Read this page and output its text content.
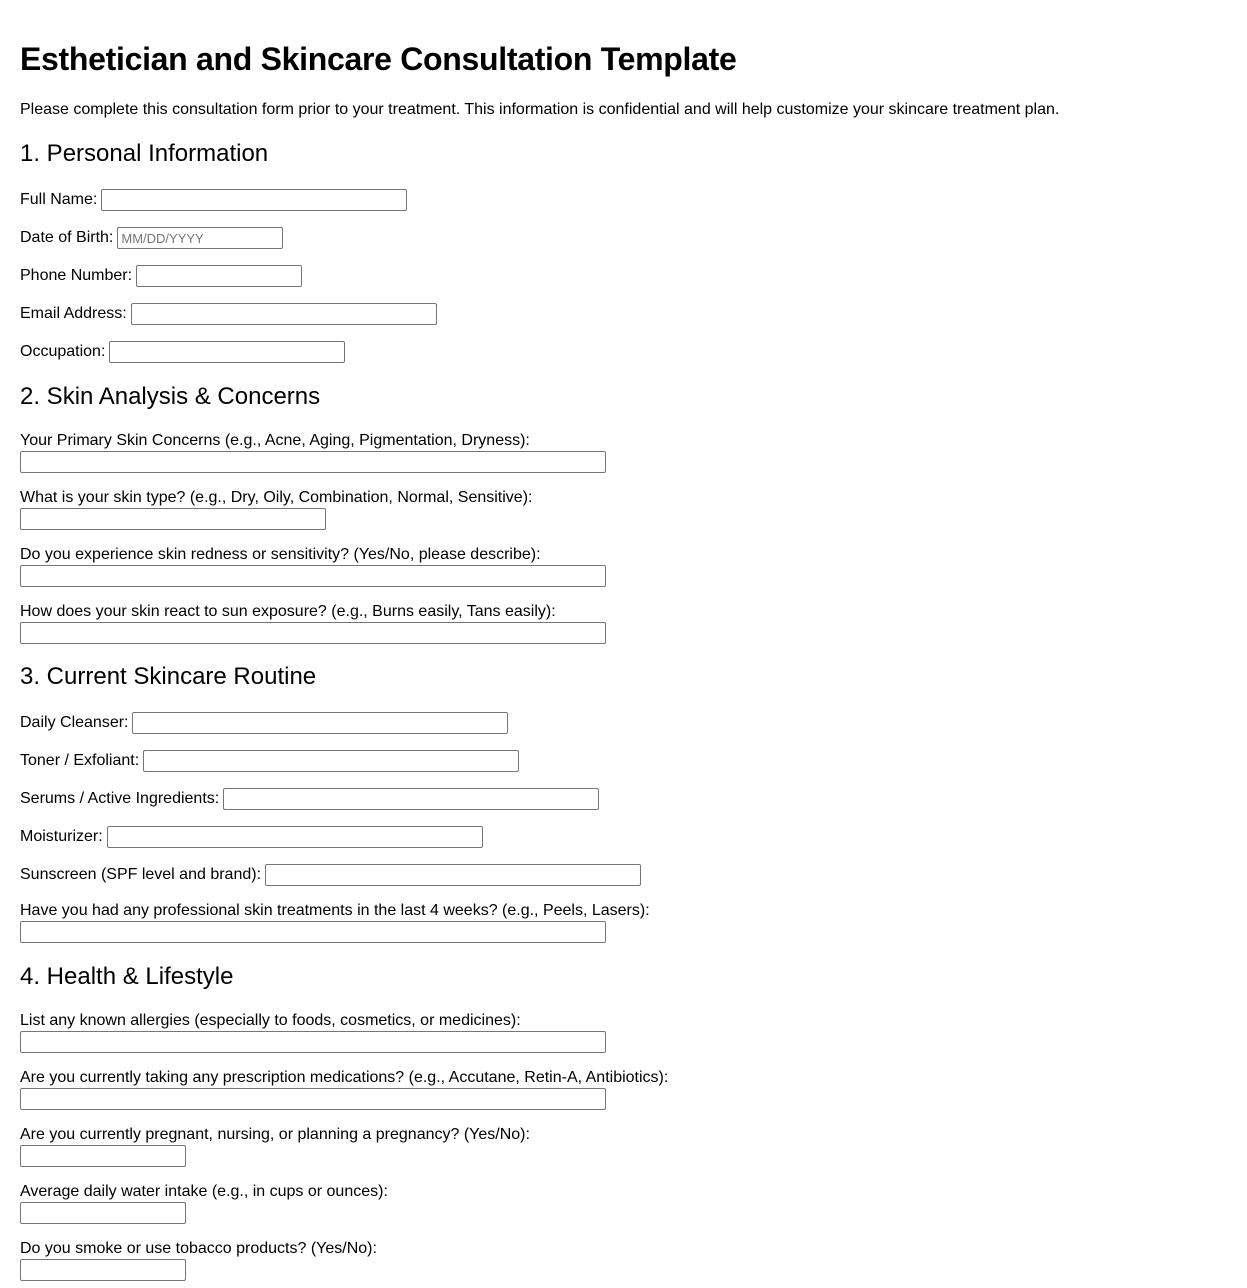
Esthetician and Skincare Consultation Template

Please complete this consultation form prior to your treatment. This information is confidential and will help customize your skincare treatment plan.

1. Personal Information
Full Name:
Date of Birth:
MM/DD/YYYY
Phone Number:
Email Address:
Occupation:
2. Skin Analysis & Concerns
Your Primary Skin Concerns (e.g., Acne, Aging, Pigmentation, Dryness):
What is your skin type? (e.g., Dry, Oily, Combination, Normal, Sensitive):
Do you experience skin redness or sensitivity? (Yes/No, please describe):
How does your skin react to sun exposure? (e.g., Burns easily, Tans easily):
3. Current Skincare Routine
Daily Cleanser:
Toner / Exfoliant:
Serums / Active Ingredients:
Moisturizer:
Sunscreen (SPF level and brand):
Have you had any professional skin treatments in the last 4 weeks? (e.g., Peels, Lasers):
4. Health & Lifestyle
List any known allergies (especially to foods, cosmetics, or medicines):
Are you currently taking any prescription medications? (e.g., Accutane, Retin-A, Antibiotics):
Are you currently pregnant, nursing, or planning a pregnancy? (Yes/No):
Average daily water intake (e.g., in cups or ounces):
Do you smoke or use tobacco products? (Yes/No):
